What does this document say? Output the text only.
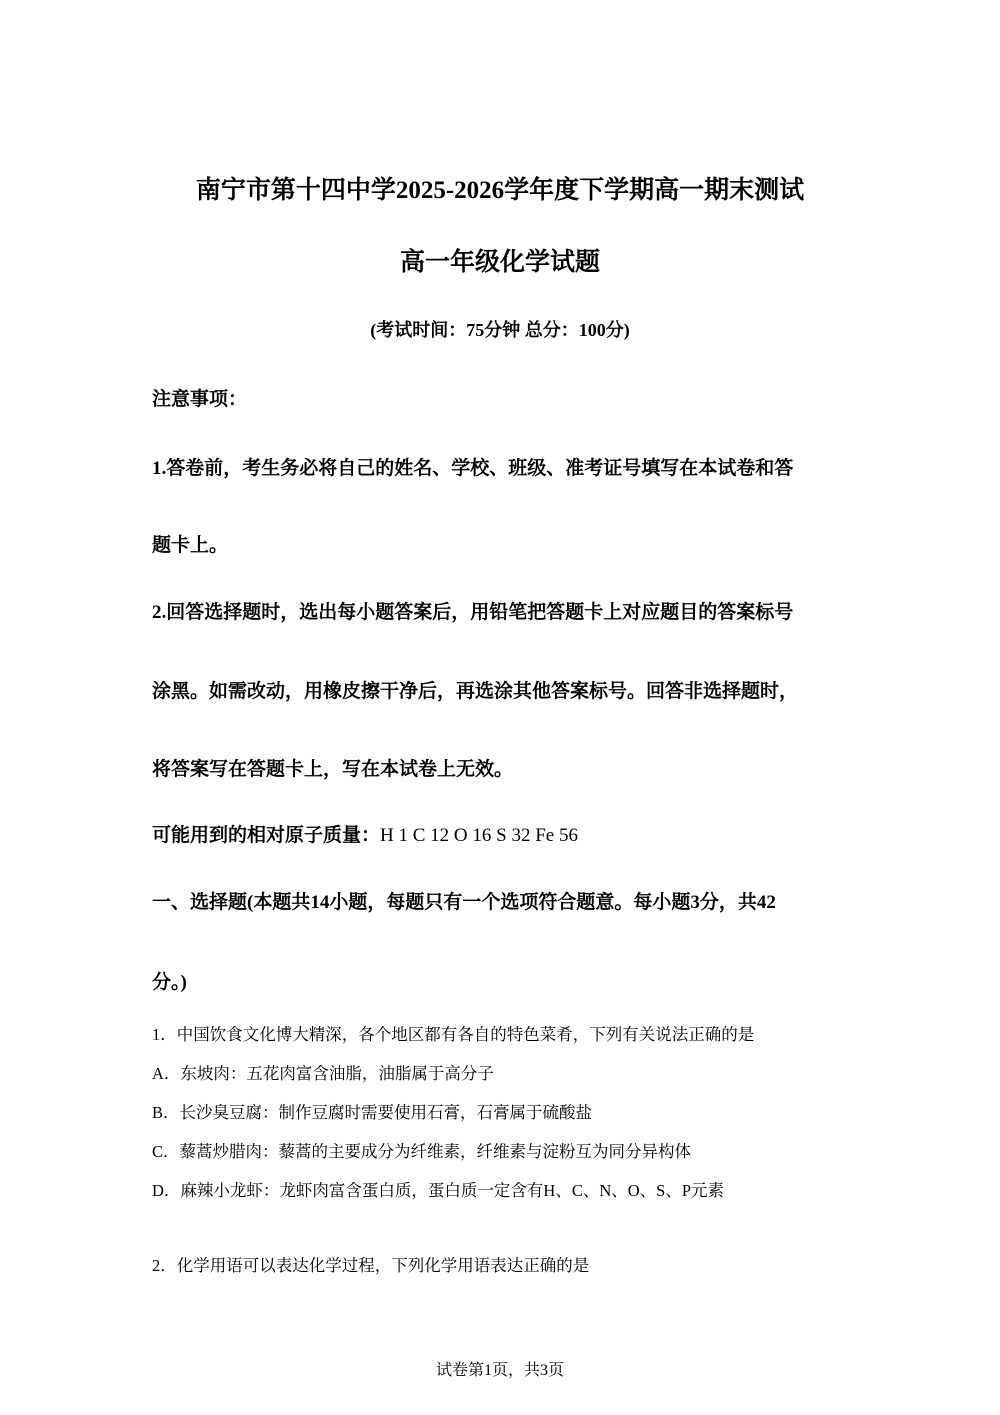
南宁市第十四中学2025-2026学年度下学期高一期末测试
高一年级化学试题
(考试时间：75分钟 总分：100分)
注意事项：
1.答卷前，考生务必将自己的姓名、学校、班级、准考证号填写在本试卷和答
题卡上。
2.回答选择题时，选出每小题答案后，用铅笔把答题卡上对应题目的答案标号
涂黑。如需改动，用橡皮擦干净后，再选涂其他答案标号。回答非选择题时，
将答案写在答题卡上，写在本试卷上无效。
可能用到的相对原子质量：H 1 C 12 O 16 S 32 Fe 56
一、选择题(本题共14小题，每题只有一个选项符合题意。每小题3分，共42
分。)
1．中国饮食文化博大精深，各个地区都有各自的特色菜肴，下列有关说法正确的是
A．东坡肉：五花肉富含油脂，油脂属于高分子
B．长沙臭豆腐：制作豆腐时需要使用石膏，石膏属于硫酸盐
C．藜蒿炒腊肉：藜蒿的主要成分为纤维素，纤维素与淀粉互为同分异构体
D．麻辣小龙虾：龙虾肉富含蛋白质，蛋白质一定含有H、C、N、O、S、P元素
2．化学用语可以表达化学过程，下列化学用语表达正确的是
试卷第1页，共3页
